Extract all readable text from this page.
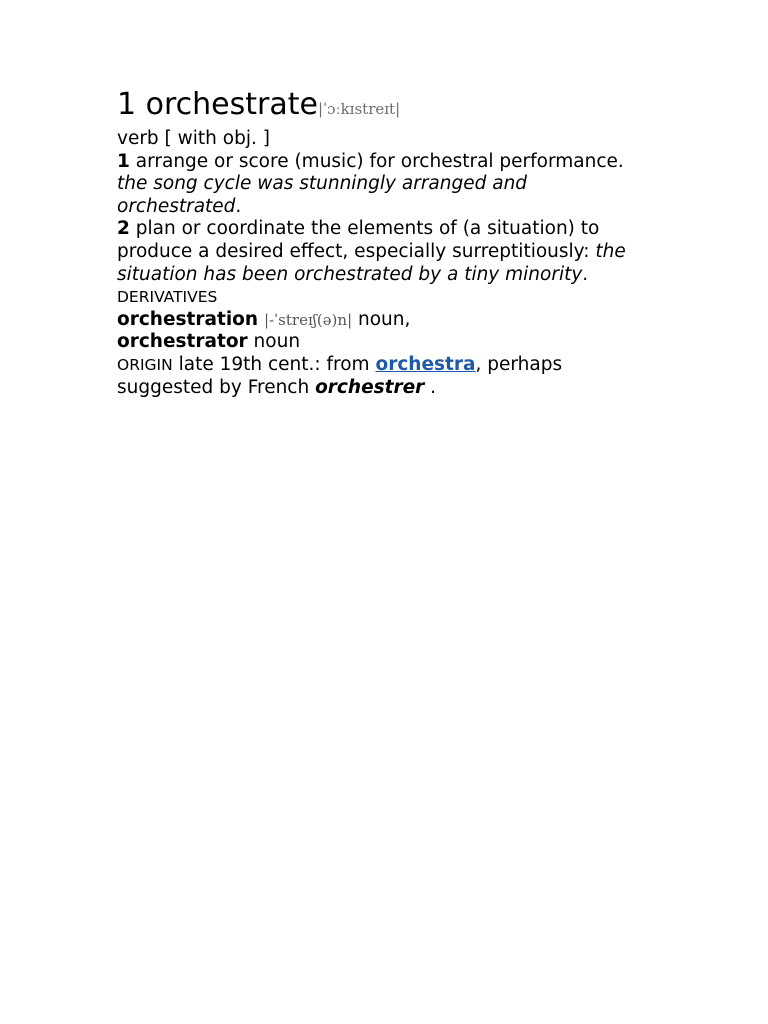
1 orchestrate|ˈɔːkɪstreɪt|
verb [ with obj. ]
1 arrange or score (music) for orchestral performance. the song cycle was stunningly arranged and orchestrated.
2 plan or coordinate the elements of (a situation) to produce a desired effect, especially surreptitiously: the situation has been orchestrated by a tiny minority.
DERIVATIVES
orchestration |-ˈstreɪʃ(ə)n| noun,
orchestrator noun
ORIGIN late 19th cent.: from orchestra, perhaps suggested by French orchestrer .
